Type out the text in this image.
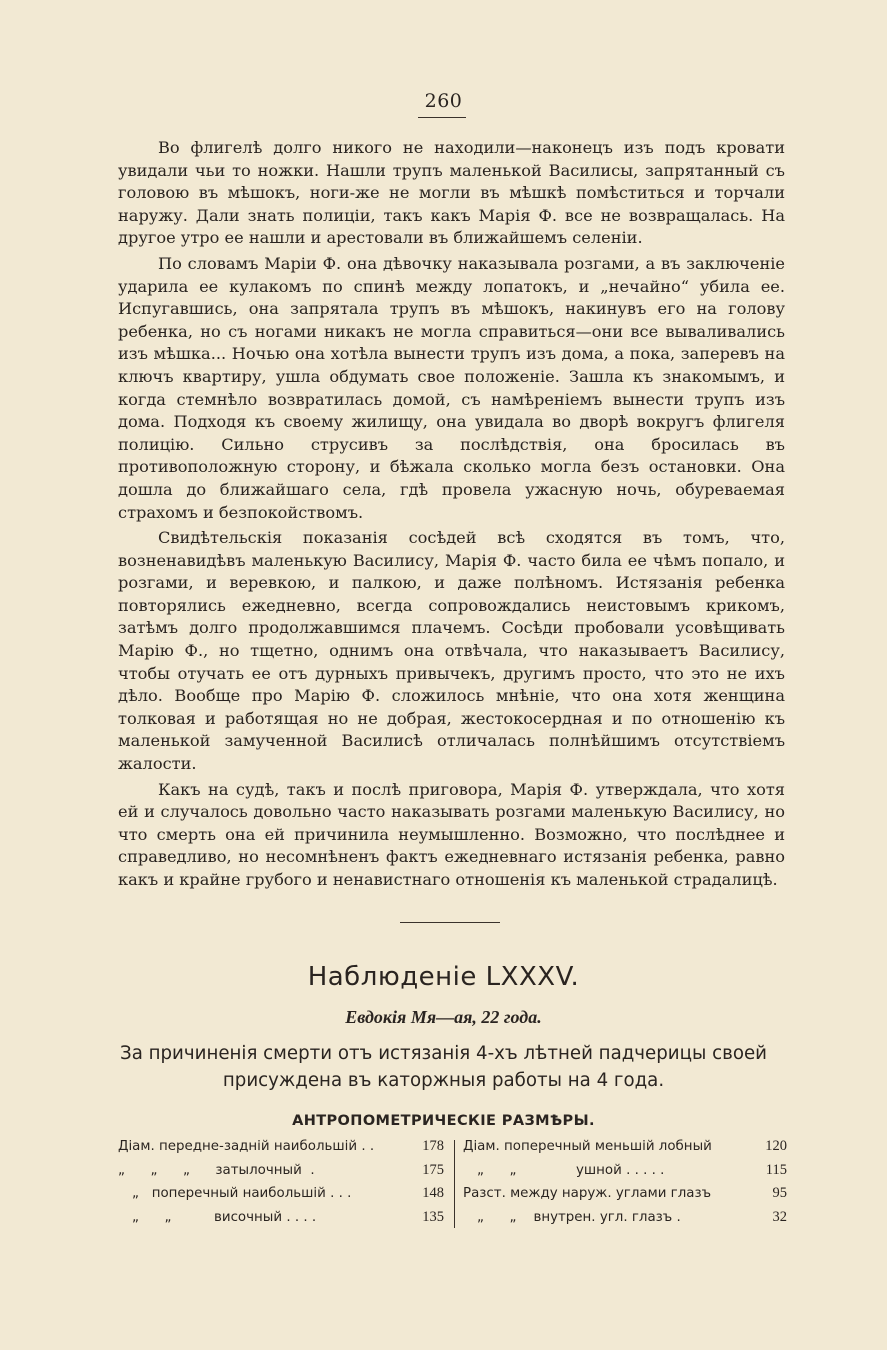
260

Во флигелѣ долго никого не находили—наконецъ изъ подъ кровати увидали чьи то ножки. Нашли трупъ маленькой Василисы, запрятанный съ головою въ мѣшокъ, ноги-же не могли въ мѣшкѣ помѣститься и торчали наружу. Дали знать полиціи, такъ какъ Марія Ф. все не возвращалась. На другое утро ее нашли и арестовали въ ближайшемъ селеніи.

По словамъ Маріи Ф. она дѣвочку наказывала розгами, а въ заключеніе ударила ее кулакомъ по спинѣ между лопатокъ, и „нечайно“ убила ее. Испугавшись, она запрятала трупъ въ мѣшокъ, накинувъ его на голову ребенка, но съ ногами никакъ не могла справиться—они все вываливались изъ мѣшка... Ночью она хотѣла вынести трупъ изъ дома, а пока, заперевъ на ключъ квартиру, ушла обдумать свое положеніе. Зашла къ знакомымъ, и когда стемнѣло возвратилась домой, съ намѣреніемъ вынести трупъ изъ дома. Подходя къ своему жилищу, она увидала во дворѣ вокругъ флигеля полицію. Сильно струсивъ за послѣдствія, она бросилась въ противоположную сторону, и бѣжала сколько могла безъ остановки. Она дошла до ближайшаго села, гдѣ провела ужасную ночь, обуреваемая страхомъ и безпокойствомъ.

Свидѣтельскія показанія сосѣдей всѣ сходятся въ томъ, что, возненавидѣвъ маленькую Василису, Марія Ф. часто била ее чѣмъ попало, и розгами, и веревкою, и палкою, и даже полѣномъ. Истязанія ребенка повторялись ежедневно, всегда сопровождались неистовымъ крикомъ, затѣмъ долго продолжавшимся плачемъ. Сосѣди пробовали усовѣщивать Марію Ф., но тщетно, однимъ она отвѣчала, что наказываетъ Василису, чтобы отучать ее отъ дурныхъ привычекъ, другимъ просто, что это не ихъ дѣло. Вообще про Марію Ф. сложилось мнѣніе, что она хотя женщина толковая и работящая но не добрая, жестокосердная и по отношенію къ маленькой замученной Василисѣ отличалась полнѣйшимъ отсутствіемъ жалости.

Какъ на судѣ, такъ и послѣ приговора, Марія Ф. утверждала, что хотя ей и случалось довольно часто наказывать розгами маленькую Василису, но что смерть она ей причинила неумышленно. Возможно, что послѣднее и справедливо, но несомнѣненъ фактъ ежедневнаго истязанія ребенка, равно какъ и крайне грубого и ненавистнаго отношенія къ маленькой страдалицѣ.

Наблюденіе LXXXV.
Евдокія Мя—ая, 22 года.
За причиненія смерти отъ истязанія 4-хъ лѣтней падчерицы своей
присуждена въ каторжныя работы на 4 года.
АНТРОПОМЕТРИЧЕСКІЕ РАЗМѢРЫ.
Діам. передне-задній наибольшій . .	178
„      „      „      затылочный  .	175
„   поперечный наибольшій . . .	148
„      „          височный . . . .	135
Діам. поперечный меньшій лобный	120
„      „              ушной . . . . .	115
Разст. между наруж. углами глазъ	95
„      „    внутрен. угл. глазъ .	32
